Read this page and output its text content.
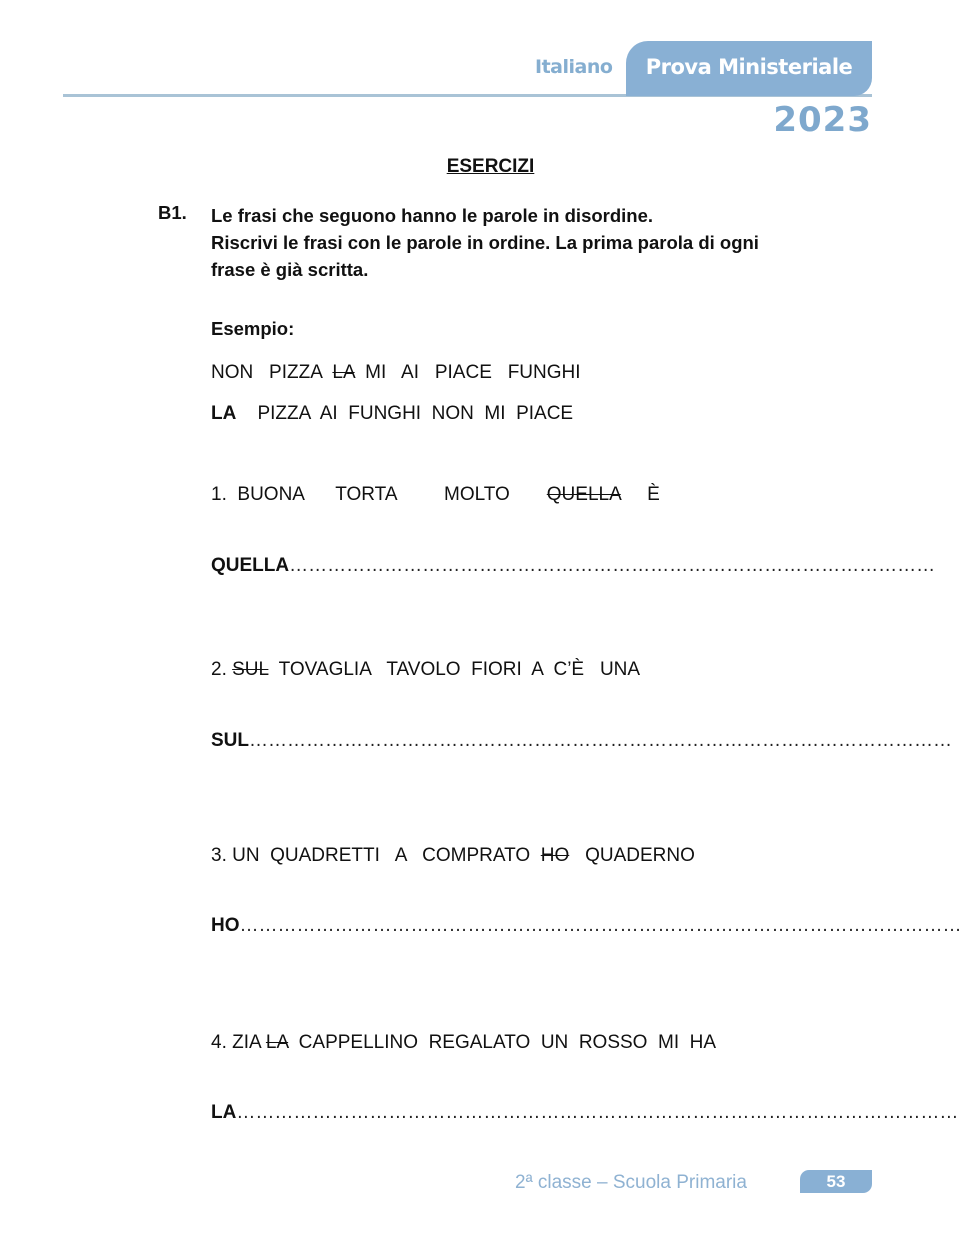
Italiano	Prova Ministeriale
2023
ESERCIZI
B1. Le frasi che seguono hanno le parole in disordine.
Riscrivi le frasi con le parole in ordine. La prima parola di ogni
frase è già scritta.
Esempio:
NON   PIZZA  LA  MI   AI   PIACE   FUNGHI
LA    PIZZA  AI  FUNGHI  NON  MI  PIACE
1.  BUONA      TORTA         MOLTO       QUELLA     È
QUELLA…………………………………………………………………………………………
2. SUL  TOVAGLIA   TAVOLO  FIORI  A  C’È   UNA
SUL…………………………………………………………………………………………………
3. UN  QUADRETTI   A   COMPRATO  HO   QUADERNO
HO……………………………………………………………………………………………………
4. ZIA LA  CAPPELLINO  REGALATO  UN  ROSSO  MI  HA
LA……………………………………………………………………………………………………
2ª classe – Scuola Primaria	53
